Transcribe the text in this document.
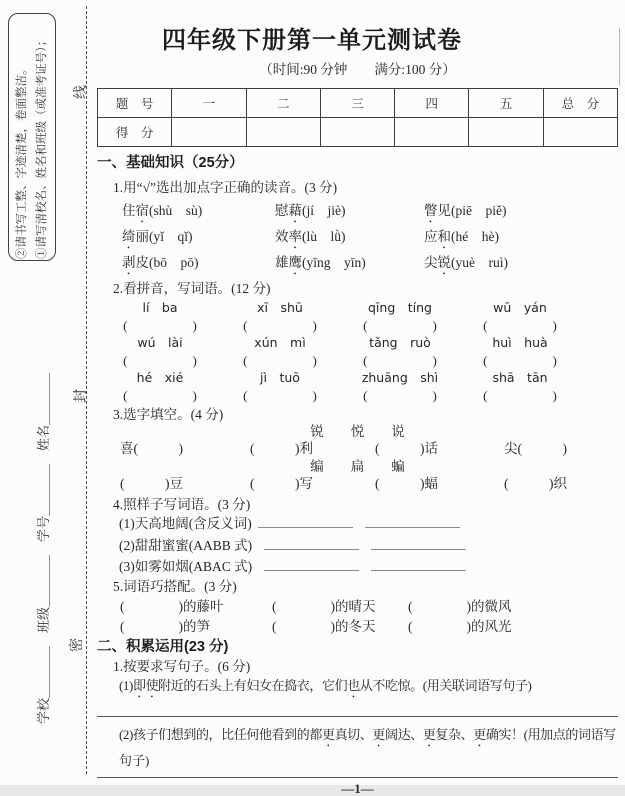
线
封
密
②请书写工整、字迹清楚，卷面整洁。 ①请写清校名、姓名和班级（或准考证号）；
学校＿＿＿＿　班级＿＿＿＿　学号＿＿＿＿　姓名＿＿＿＿
四年级下册第一单元测试卷
（时间:90 分钟　　满分:100 分）
题　号	一	二	三	四	五	总　分
得　分						
一、基础知识（25分）
1.用“√”选出加点字正确的读音。(3 分)
住宿(shù　sù)	慰藉(jí　jiè)	瞥见(piē　piě)
绮丽(yǐ　qǐ)	效率(lù　lǜ)	应和(hé　hè)
剥皮(bō　pō)	雄鹰(yīng　yīn)	尖锐(yuè　ruì)
2.看拼音，写词语。(12 分)
lí　ba	xī　shū	qīng　tíng	wū　yán
(　　　　　)	(　　　　　)	(　　　　　)	(　　　　　)
wú　lài	xún　mì	tǎng　ruò	huì　huà
(　　　　　)	(　　　　　)	(　　　　　)	(　　　　　)
hé　xié	jì　tuō	zhuāng　shì	shā　tān
(　　　　　)	(　　　　　)	(　　　　　)	(　　　　　)
3.选字填空。(4 分)
锐　　悦　　说
喜(　　　)	(　　　)利	(　　　)话	尖(　　　)
编　　扁　　蝙
(　　　)豆	(　　　)写	(　　　)蝠	(　　　)织
4.照样子写词语。(3 分)
(1)天高地阔(含反义词)
(2)甜甜蜜蜜(AABB 式)
(3)如雾如烟(ABAC 式)
5.词语巧搭配。(3 分)
(　　　　)的藤叶	(　　　　)的晴天	(　　　　)的微风
(　　　　)的笋	(　　　　)的冬天	(　　　　)的风光
二、积累运用(23 分)
1.按要求写句子。(6 分)
(1)即使附近的石头上有妇女在捣衣，它们也从不吃惊。(用关联词语写句子)
(2)孩子们想到的，比任何他看到的都更真切、更阔达、更复杂、更确实！(用加点的词语写
句子)
—1—
